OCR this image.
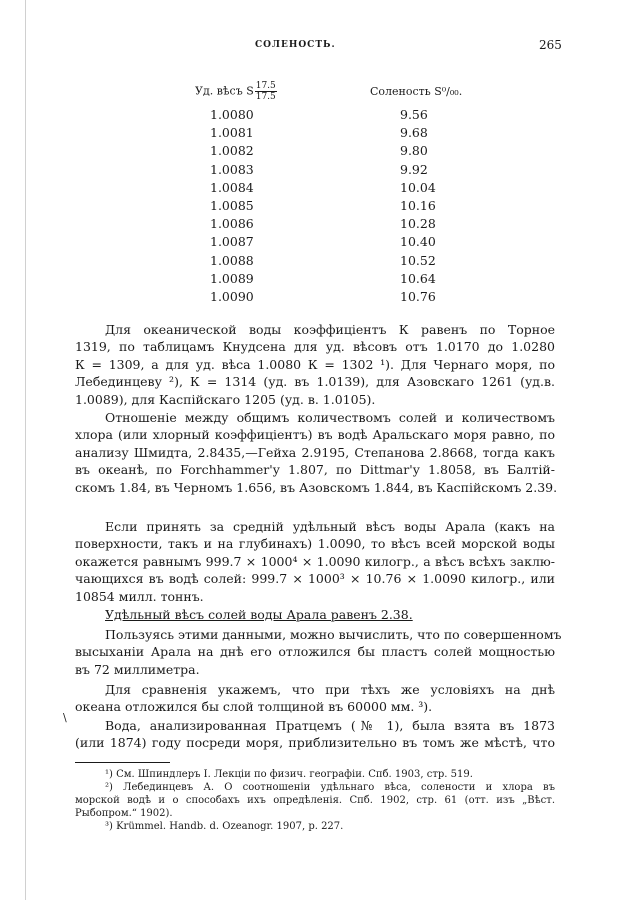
СОЛЕНОСТЬ.	265
Уд. вѣсъ S $\frac{17.5}{17.5}$	Соленость S⁰/₀₀.
1.0080	9.56
1.0081	9.68
1.0082	9.80
1.0083	9.92
1.0084	10.04
1.0085	10.16
1.0086	10.28
1.0087	10.40
1.0088	10.52
1.0089	10.64
1.0090	10.76
Для океанической воды коэффиціентъ К равенъ по Торное
1319, по таблицамъ Кнудсена для уд. вѣсовъ отъ 1.0170 до 1.0280
К = 1309, а для уд. вѣса 1.0080 К = 1302 ¹). Для Чернаго моря, по
Лебединцеву ²), К = 1314 (уд. въ 1.0139), для Азовскаго 1261 (уд.в.
1.0089), для Каспійскаго 1205 (уд. в. 1.0105).
Отношеніе между общимъ количествомъ солей и количествомъ
хлора (или хлорный коэффиціентъ) въ водѣ Аральскаго моря равно, по
анализу Шмидта, 2.8435,—Гейха 2.9195, Степанова 2.8668, тогда какъ
въ океанѣ, по Forchhammer'у 1.807, по Dittmar'у 1.8058, въ Балтій-
скомъ 1.84, въ Черномъ 1.656, въ Азовскомъ 1.844, въ Каспійскомъ 2.39.
Если принять за средній удѣльный вѣсъ воды Арала (какъ на
поверхности, такъ и на глубинахъ) 1.0090, то вѣсъ всей морской воды
окажется равнымъ 999.7 × 1000⁴ × 1.0090 килогр., а вѣсъ всѣхъ заклю-
чающихся въ водѣ солей: 999.7 × 1000³ × 10.76 × 1.0090 килогр., или
10854 милл. тоннъ.
Удѣльный вѣсъ солей воды Арала равенъ 2.38.
Пользуясь этими данными, можно вычислить, что по совершенномъ
высыханіи Арала на днѣ его отложился бы пластъ солей мощностью
въ 72 миллиметра.
Для сравненія укажемъ, что при тѣхъ же условіяхъ на днѣ
океана отложился бы слой толщиной въ 60000 мм. ³).
\
Вода, анализированная Пратцемъ (№ 1), была взята въ 1873
(или 1874) году посреди моря, приблизительно въ томъ же мѣстѣ, что
¹) См. Шпиндлеръ І. Лекціи по физич. географіи. Спб. 1903, стр. 519.
²) Лебединцевъ А. О соотношеніи удѣльнаго вѣса, солености и хлора въ
морской водѣ и о способахъ ихъ опредѣленія. Спб. 1902, стр. 61 (отт. изъ „Вѣст.
Рыбопром.“ 1902).
³) Krümmel. Handb. d. Ozeanogr. 1907, p. 227.
